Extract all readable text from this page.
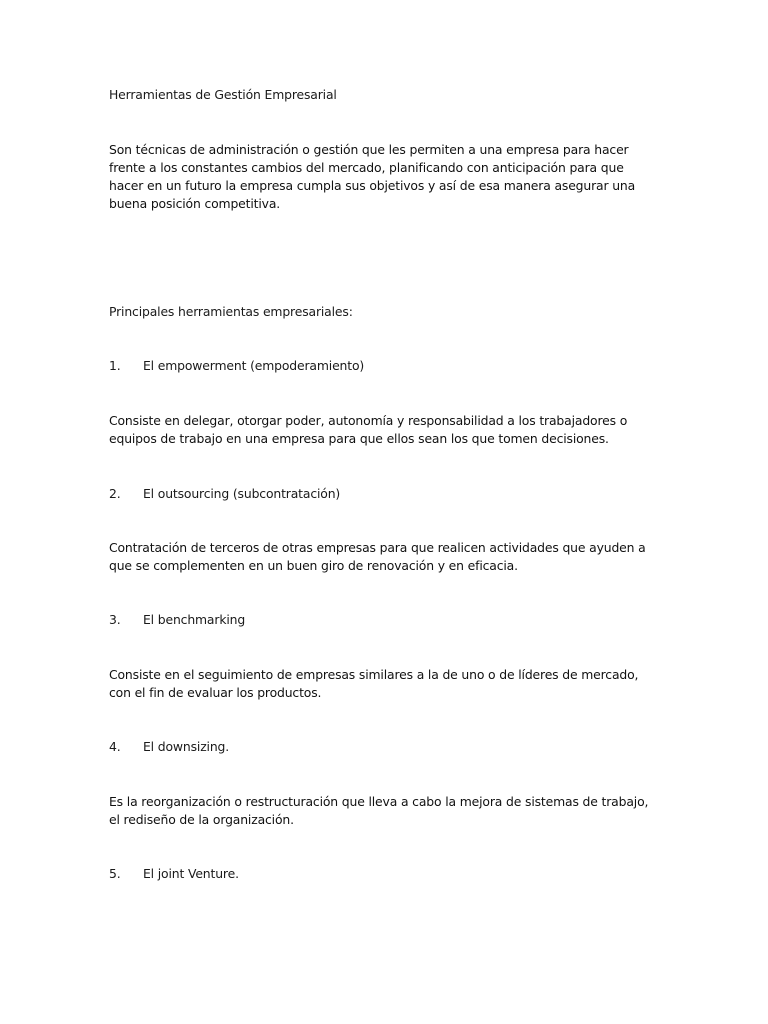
Herramientas de Gestión Empresarial

Son técnicas de administración o gestión que les permiten a una empresa para hacer frente a los constantes cambios del mercado, planificando con anticipación para que hacer en un futuro la empresa cumpla sus objetivos y así de esa manera asegurar una buena posición competitiva.

Principales herramientas empresariales:

1. El empowerment (empoderamiento)

Consiste en delegar, otorgar poder, autonomía y responsabilidad a los trabajadores o equipos de trabajo en una empresa para que ellos sean los que tomen decisiones.

2. El outsourcing (subcontratación)

Contratación de terceros de otras empresas para que realicen actividades que ayuden a que se complementen en un buen giro de renovación y en eficacia.

3. El benchmarking

Consiste en el seguimiento de empresas similares a la de uno o de líderes de mercado, con el fin de evaluar los productos.

4. El downsizing.

Es la reorganización o restructuración que lleva a cabo la mejora de sistemas de trabajo, el rediseño de la organización.

5. El joint Venture.
